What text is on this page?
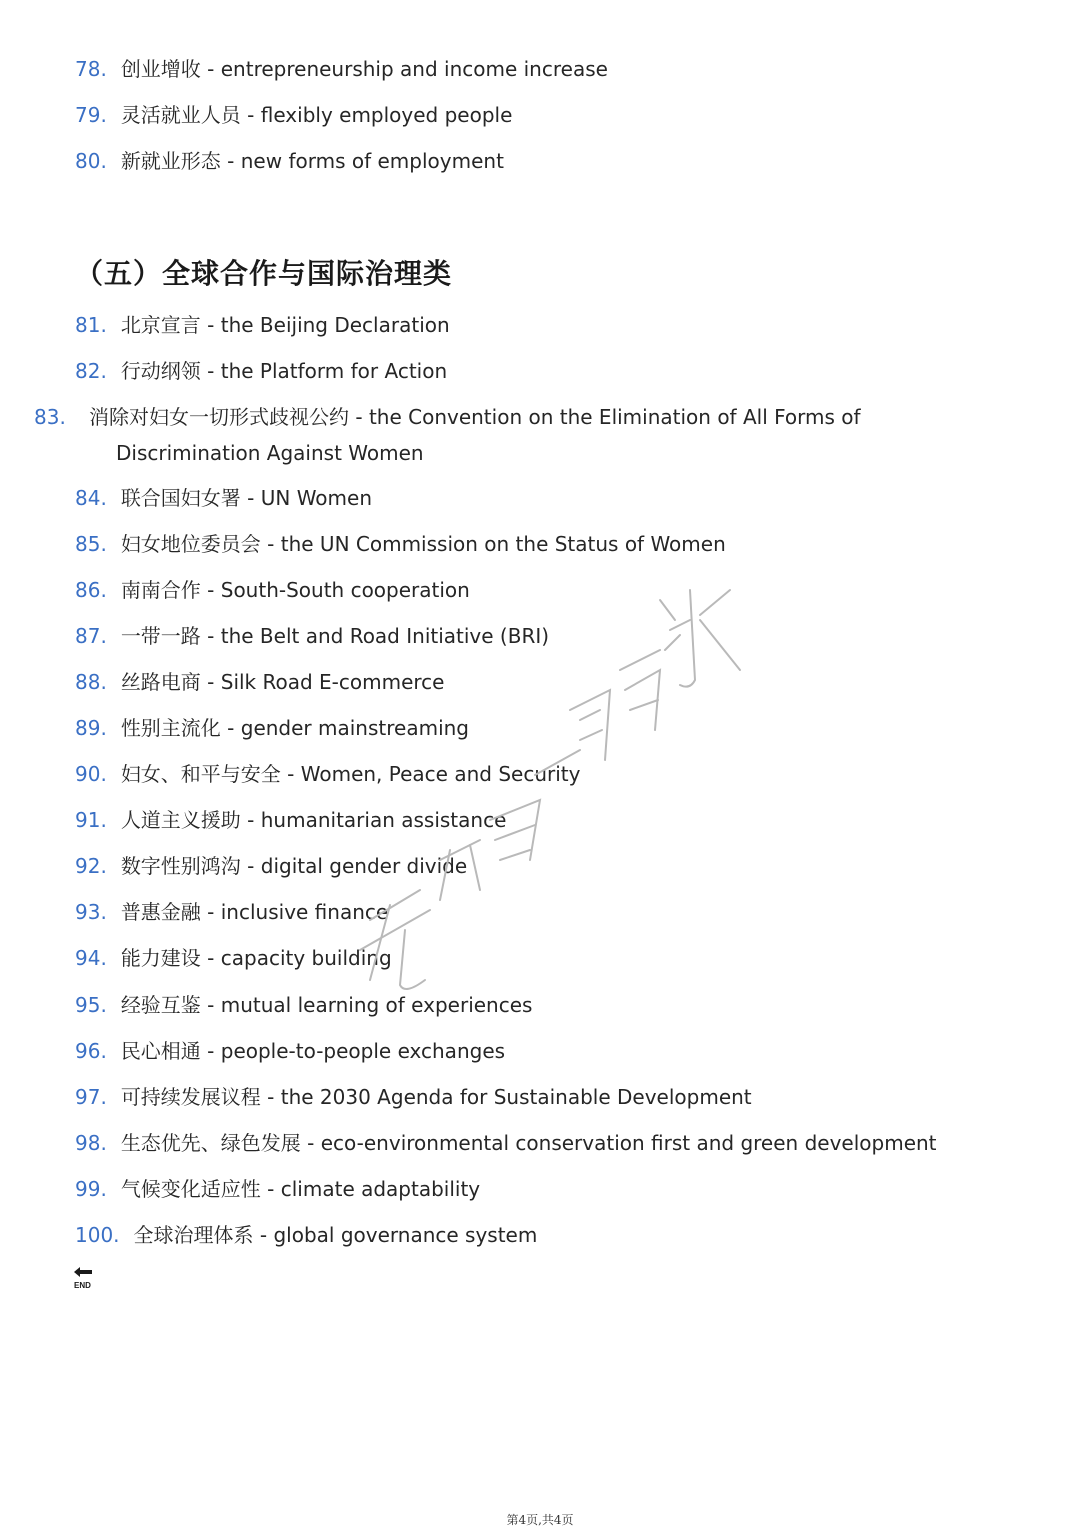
78. 创业增收 - entrepreneurship and income increase
79. 灵活就业人员 - flexibly employed people
80. 新就业形态 - new forms of employment
（五）全球合作与国际治理类
81. 北京宣言 - the Beijing Declaration
82. 行动纲领 - the Platform for Action
83. 消除对妇女一切形式歧视公约 - the Convention on the Elimination of All Forms of Discrimination Against Women
84. 联合国妇女署 - UN Women
85. 妇女地位委员会 - the UN Commission on the Status of Women
86. 南南合作 - South-South cooperation
87. 一带一路 - the Belt and Road Initiative (BRI)
88. 丝路电商 - Silk Road E-commerce
89. 性别主流化 - gender mainstreaming
90. 妇女、和平与安全 - Women, Peace and Security
91. 人道主义援助 - humanitarian assistance
92. 数字性别鸿沟 - digital gender divide
93. 普惠金融 - inclusive finance
94. 能力建设 - capacity building
95. 经验互鉴 - mutual learning of experiences
96. 民心相通 - people-to-people exchanges
97. 可持续发展议程 - the 2030 Agenda for Sustainable Development
98. 生态优先、绿色发展 - eco-environmental conservation first and green development
99. 气候变化适应性 - climate adaptability
100. 全球治理体系 - global governance system
END
第4页,共4页
